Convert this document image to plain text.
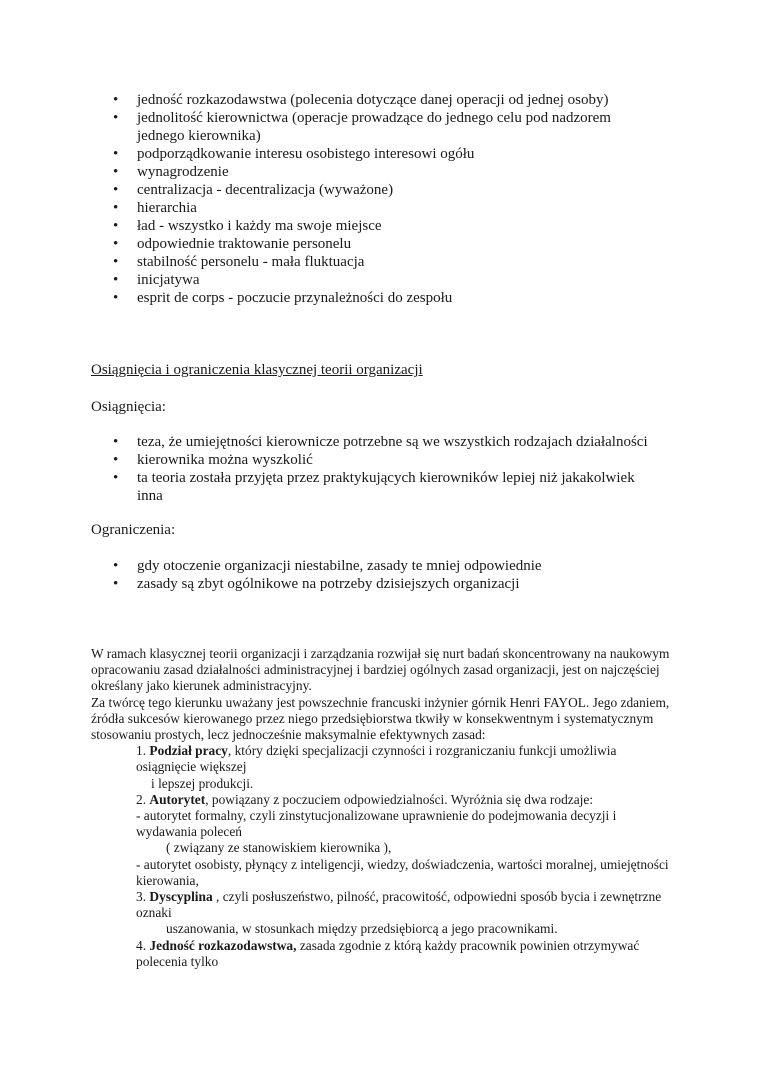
• jedność rozkazodawstwa (polecenia dotyczące danej operacji od jednej osoby)
• jednolitość kierownictwa (operacje prowadzące do jednego celu pod nadzorem jednego kierownika)
• podporządkowanie interesu osobistego interesowi ogółu
• wynagrodzenie
• centralizacja - decentralizacja (wyważone)
• hierarchia
• ład - wszystko i każdy ma swoje miejsce
• odpowiednie traktowanie personelu
• stabilność personelu - mała fluktuacja
• inicjatywa
• esprit de corps - poczucie przynależności do zespołu
Osiągnięcia i ograniczenia klasycznej teorii organizacji
Osiągnięcia:
• teza, że umiejętności kierownicze potrzebne są we wszystkich rodzajach działalności
• kierownika można wyszkolić
• ta teoria została przyjęta przez praktykujących kierowników lepiej niż jakakolwiek inna
Ograniczenia:
• gdy otoczenie organizacji niestabilne, zasady te mniej odpowiednie
• zasady są zbyt ogólnikowe na potrzeby dzisiejszych organizacji

W ramach klasycznej teorii organizacji i zarządzania rozwijał się nurt badań skoncentrowany na naukowym opracowaniu zasad działalności administracyjnej i bardziej ogólnych zasad organizacji, jest on najczęściej określany jako kierunek administracyjny.

Za twórcę tego kierunku uważany jest powszechnie francuski inżynier górnik Henri FAYOL. Jego zdaniem, źródła sukcesów kierowanego przez niego przedsiębiorstwa tkwiły w konsekwentnym i systematycznym stosowaniu prostych, lecz jednocześnie maksymalnie efektywnych zasad:

1. Podział pracy, który dzięki specjalizacji czynności i rozgraniczaniu funkcji umożliwia osiągnięcie większej

i lepszej produkcji.

2. Autorytet, powiązany z poczuciem odpowiedzialności. Wyróżnia się dwa rodzaje:

- autorytet formalny, czyli zinstytucjonalizowane uprawnienie do podejmowania decyzji i wydawania poleceń

( związany ze stanowiskiem kierownika ),

- autorytet osobisty, płynący z inteligencji, wiedzy, doświadczenia, wartości moralnej, umiejętności kierowania,

3. Dyscyplina , czyli posłuszeństwo, pilność, pracowitość, odpowiedni sposób bycia i zewnętrzne oznaki

uszanowania, w stosunkach między przedsiębiorcą a jego pracownikami.

4. Jedność rozkazodawstwa, zasada zgodnie z którą każdy pracownik powinien otrzymywać polecenia tylko
